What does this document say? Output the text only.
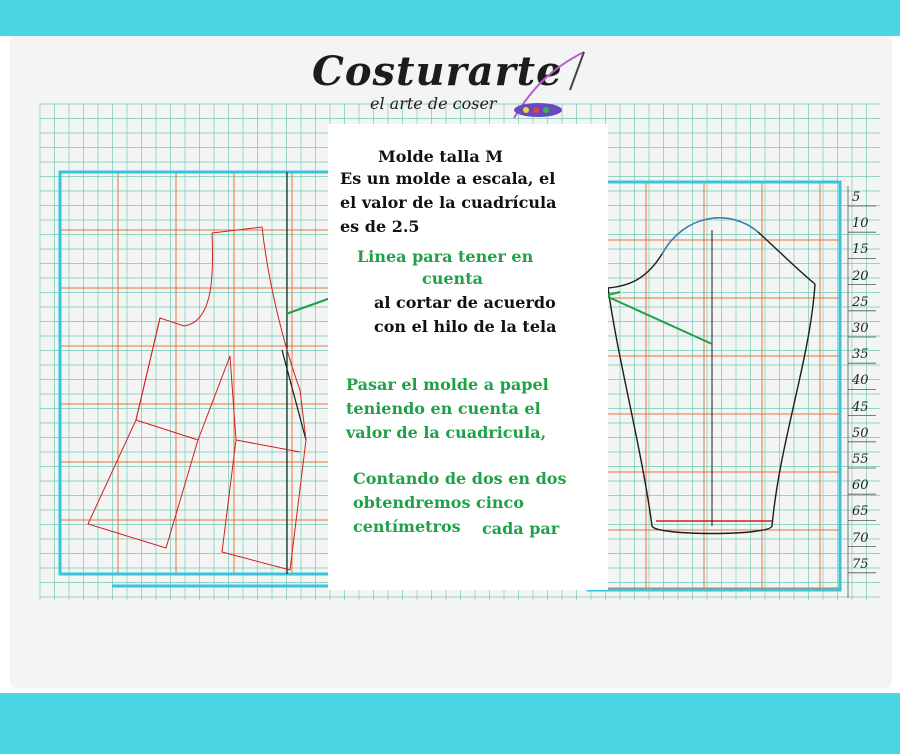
Costurarte
el arte de coser
Molde talla M
Es un molde a escala, el
el valor de la cuadrícula
es de 2.5
Linea para tener en
cuenta
al cortar de acuerdo
con el hilo de la tela
Pasar el molde a papel
teniendo en cuenta el
valor de la cuadricula,
Contando de dos en dos
obtendremos cinco
centímetros cada par
5
10
15
20
25
30
35
40
45
50
55
60
65
70
75
